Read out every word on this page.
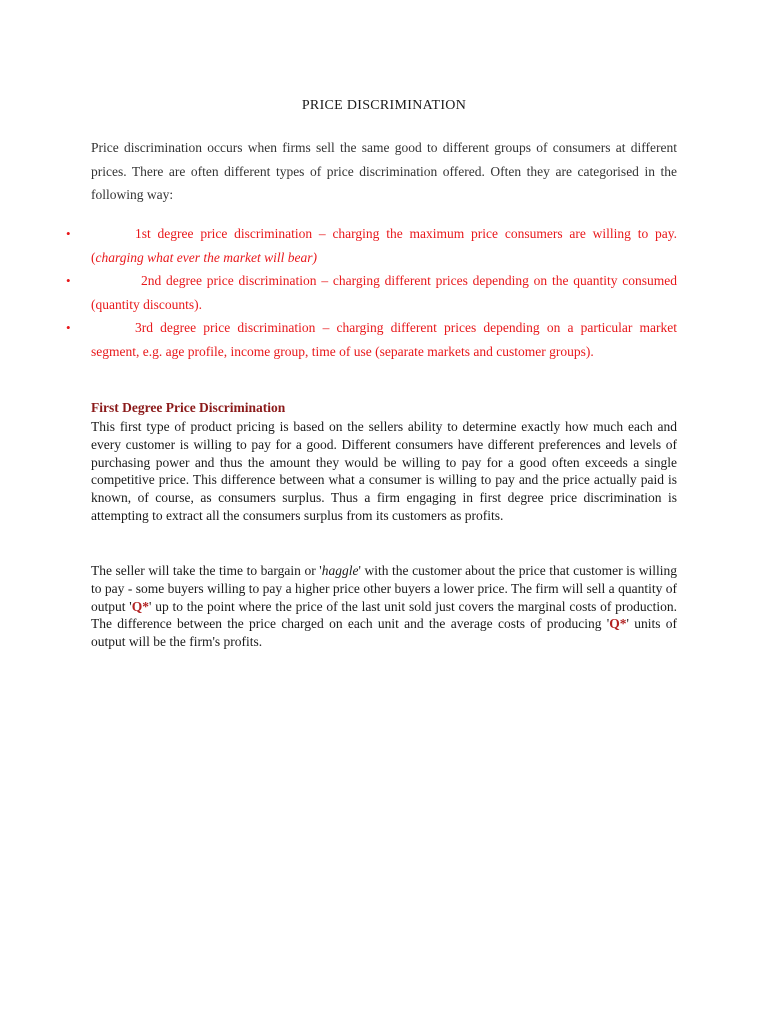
PRICE DISCRIMINATION

Price discrimination occurs when firms sell the same good to different groups of consumers at different prices. There are often different types of price discrimination offered. Often they are categorised in the following way:

•	1st degree price discrimination – charging the maximum price consumers are willing to pay. (charging what ever the market will bear)
•	2nd degree price discrimination – charging different prices depending on the quantity consumed (quantity discounts).
•	3rd degree price discrimination – charging different prices depending on a particular market segment, e.g. age profile, income group, time of use (separate markets and customer groups).
First Degree Price Discrimination

This first type of product pricing is based on the sellers ability to determine exactly how much each and every customer is willing to pay for a good. Different consumers have different preferences and levels of purchasing power and thus the amount they would be willing to pay for a good often exceeds a single competitive price. This difference between what a consumer is willing to pay and the price actually paid is known, of course, as consumers surplus. Thus a firm engaging in first degree price discrimination is attempting to extract all the consumers surplus from its customers as profits.

The seller will take the time to bargain or 'haggle' with the customer about the price that customer is willing to pay - some buyers willing to pay a higher price other buyers a lower price. The firm will sell a quantity of output 'Q*' up to the point where the price of the last unit sold just covers the marginal costs of production. The difference between the price charged on each unit and the average costs of producing 'Q*' units of output will be the firm's profits.
